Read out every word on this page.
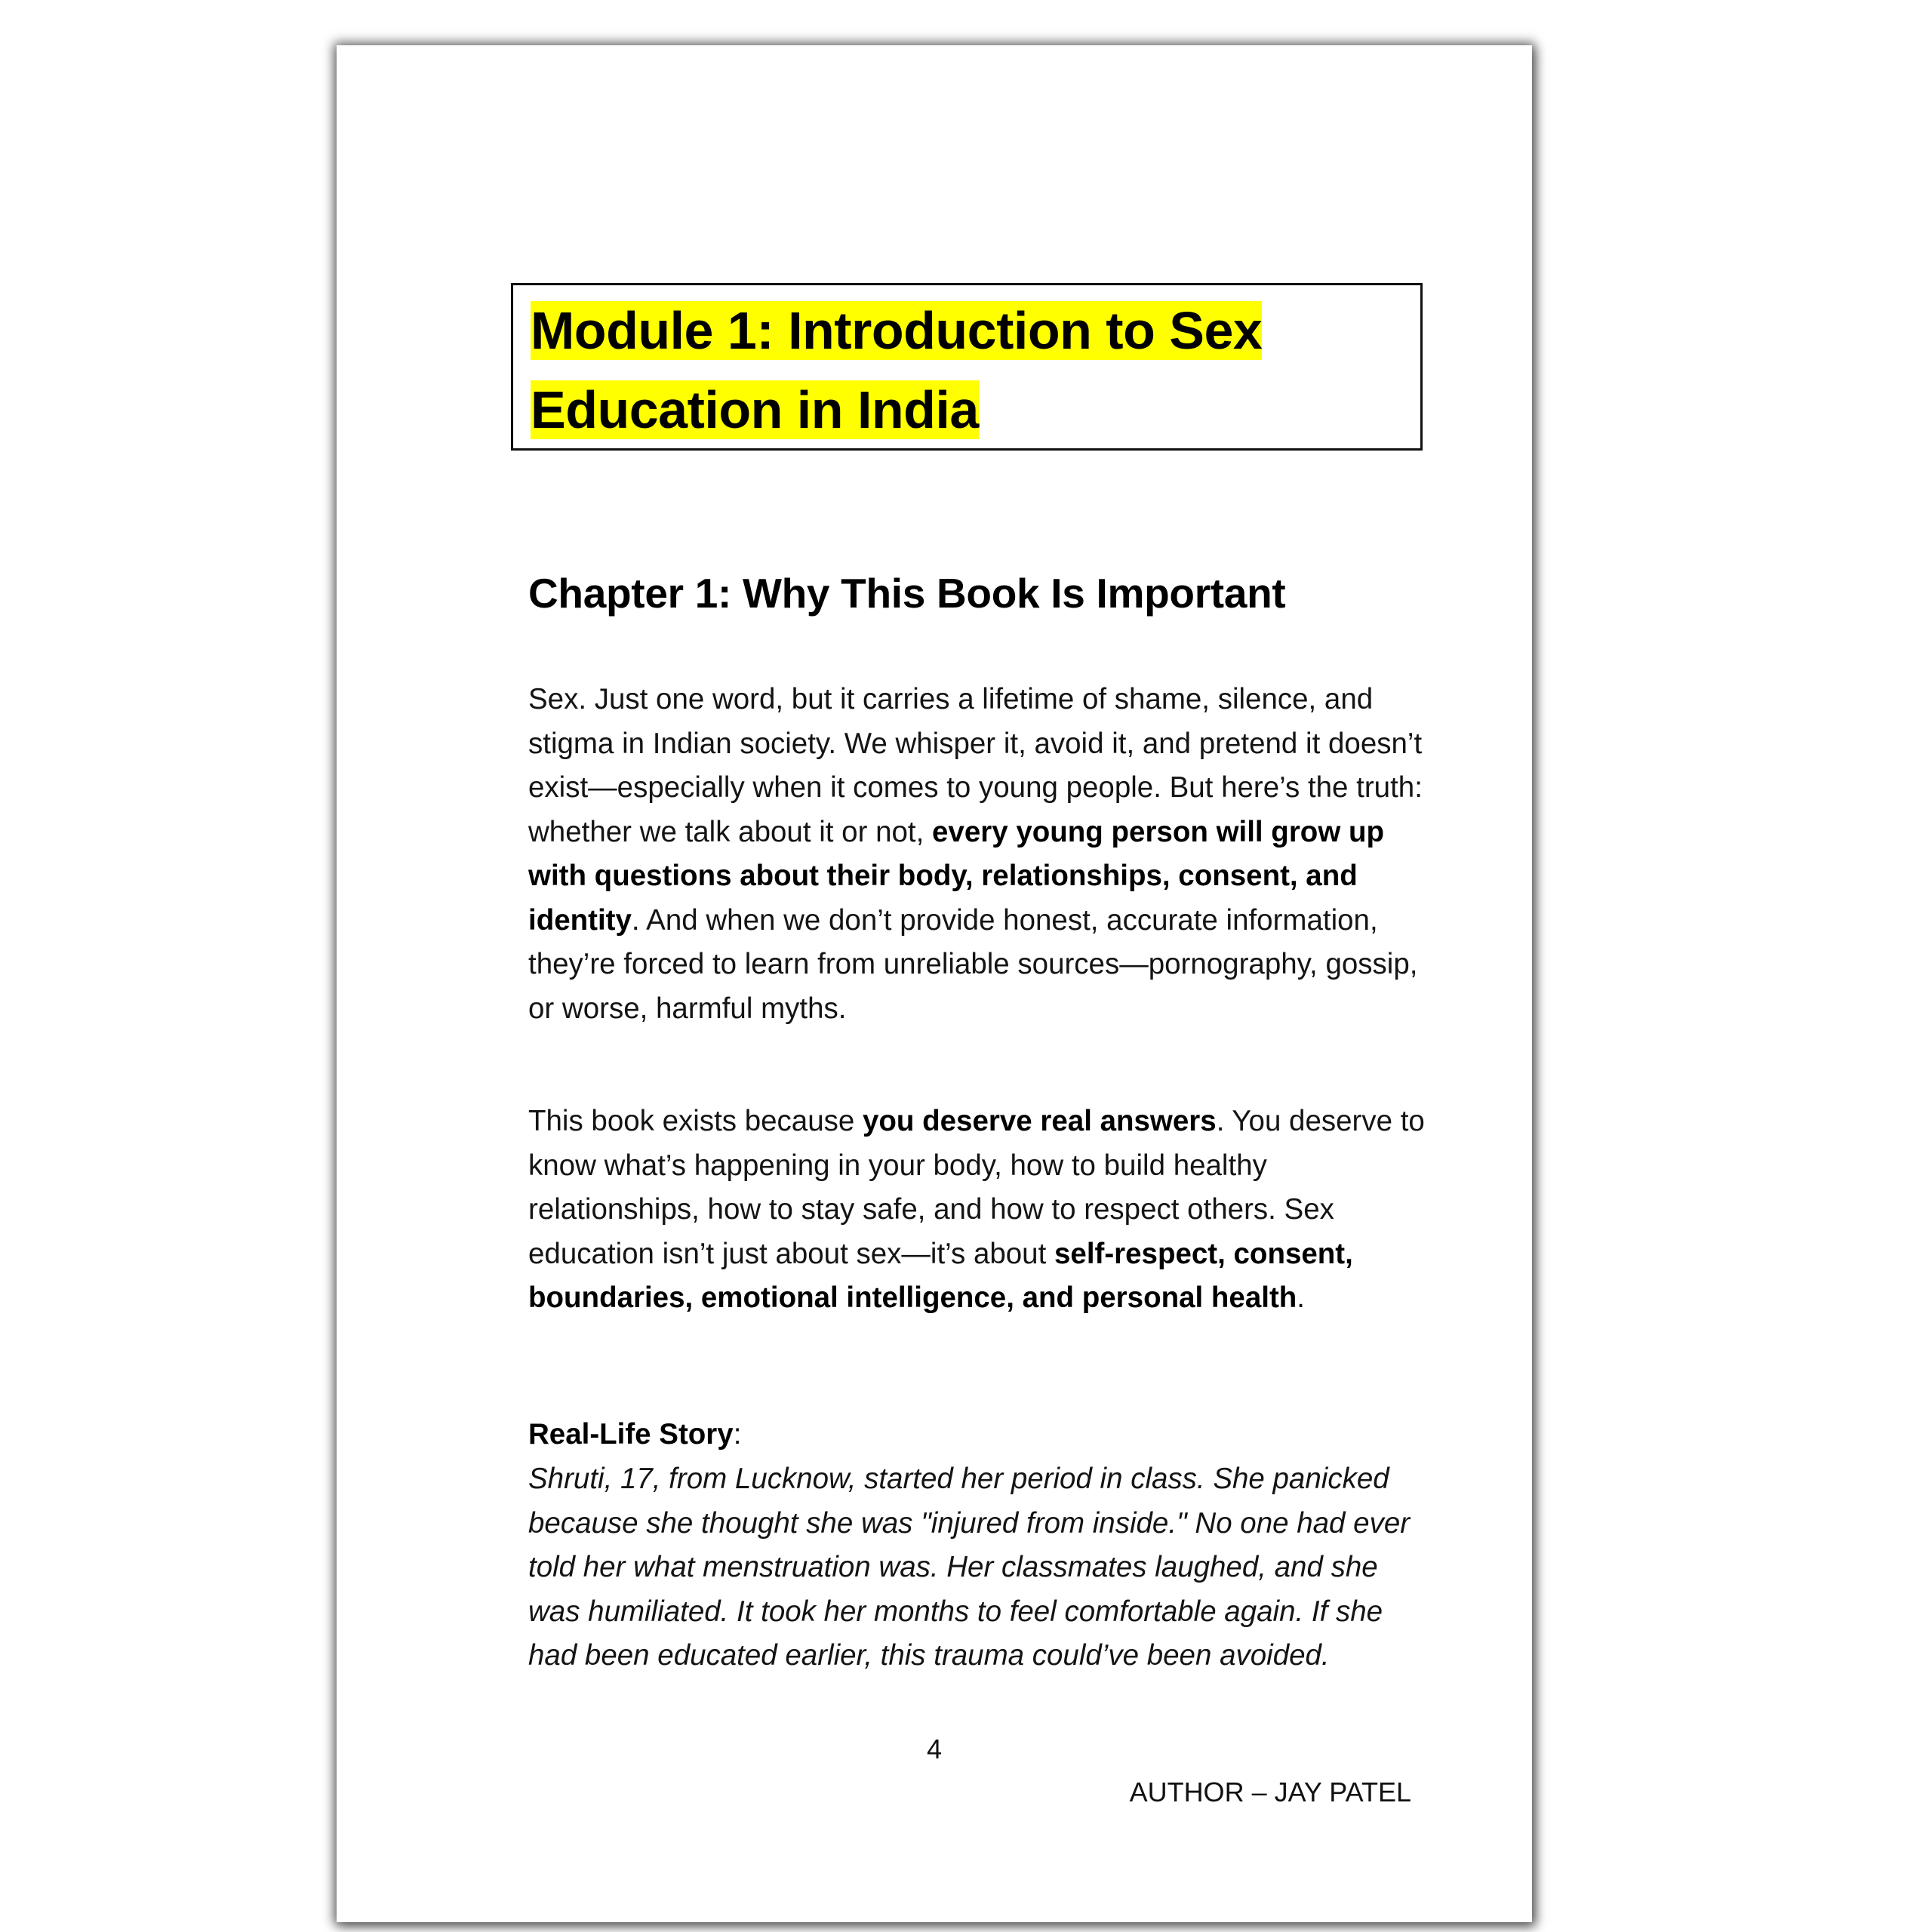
Module 1: Introduction to Sex
Education in India
Chapter 1: Why This Book Is Important

Sex. Just one word, but it carries a lifetime of shame, silence, and stigma in Indian society. We whisper it, avoid it, and pretend it doesn’t exist—especially when it comes to young people. But here’s the truth: whether we talk about it or not, every young person will grow up with questions about their body, relationships, consent, and identity. And when we don’t provide honest, accurate information, they’re forced to learn from unreliable sources—pornography, gossip, or worse, harmful myths.

This book exists because you deserve real answers. You deserve to know what’s happening in your body, how to build healthy relationships, how to stay safe, and how to respect others. Sex education isn’t just about sex—it’s about self-respect, consent, boundaries, emotional intelligence, and personal health.

Real-Life Story:

Shruti, 17, from Lucknow, started her period in class. She panicked because she thought she was "injured from inside." No one had ever told her what menstruation was. Her classmates laughed, and she was humiliated. It took her months to feel comfortable again. If she had been educated earlier, this trauma could’ve been avoided.

4
AUTHOR – JAY PATEL
